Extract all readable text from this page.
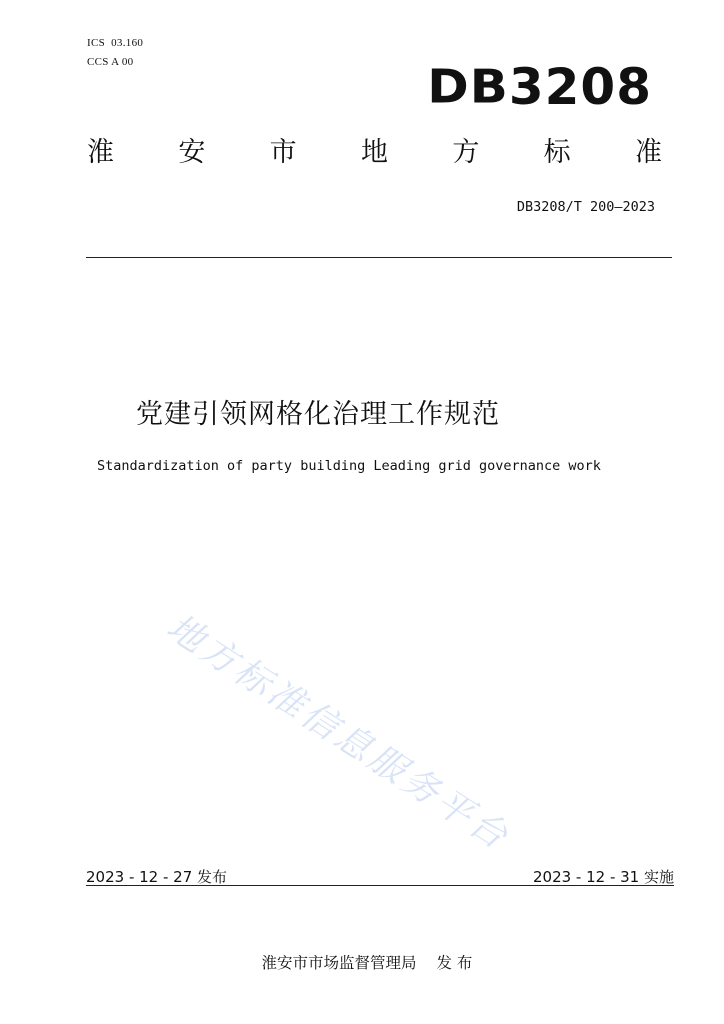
ICS  03.160
CCS A 00	DB3208
淮 安 市 地 方 标 准
DB3208/T 200—2023
党建引领网格化治理工作规范
Standardization of party building Leading grid governance work
地方标准信息服务平台
2023 - 12 - 27 发布	2023 - 12 - 31 实施

淮安市市场监督管理局 发 布
